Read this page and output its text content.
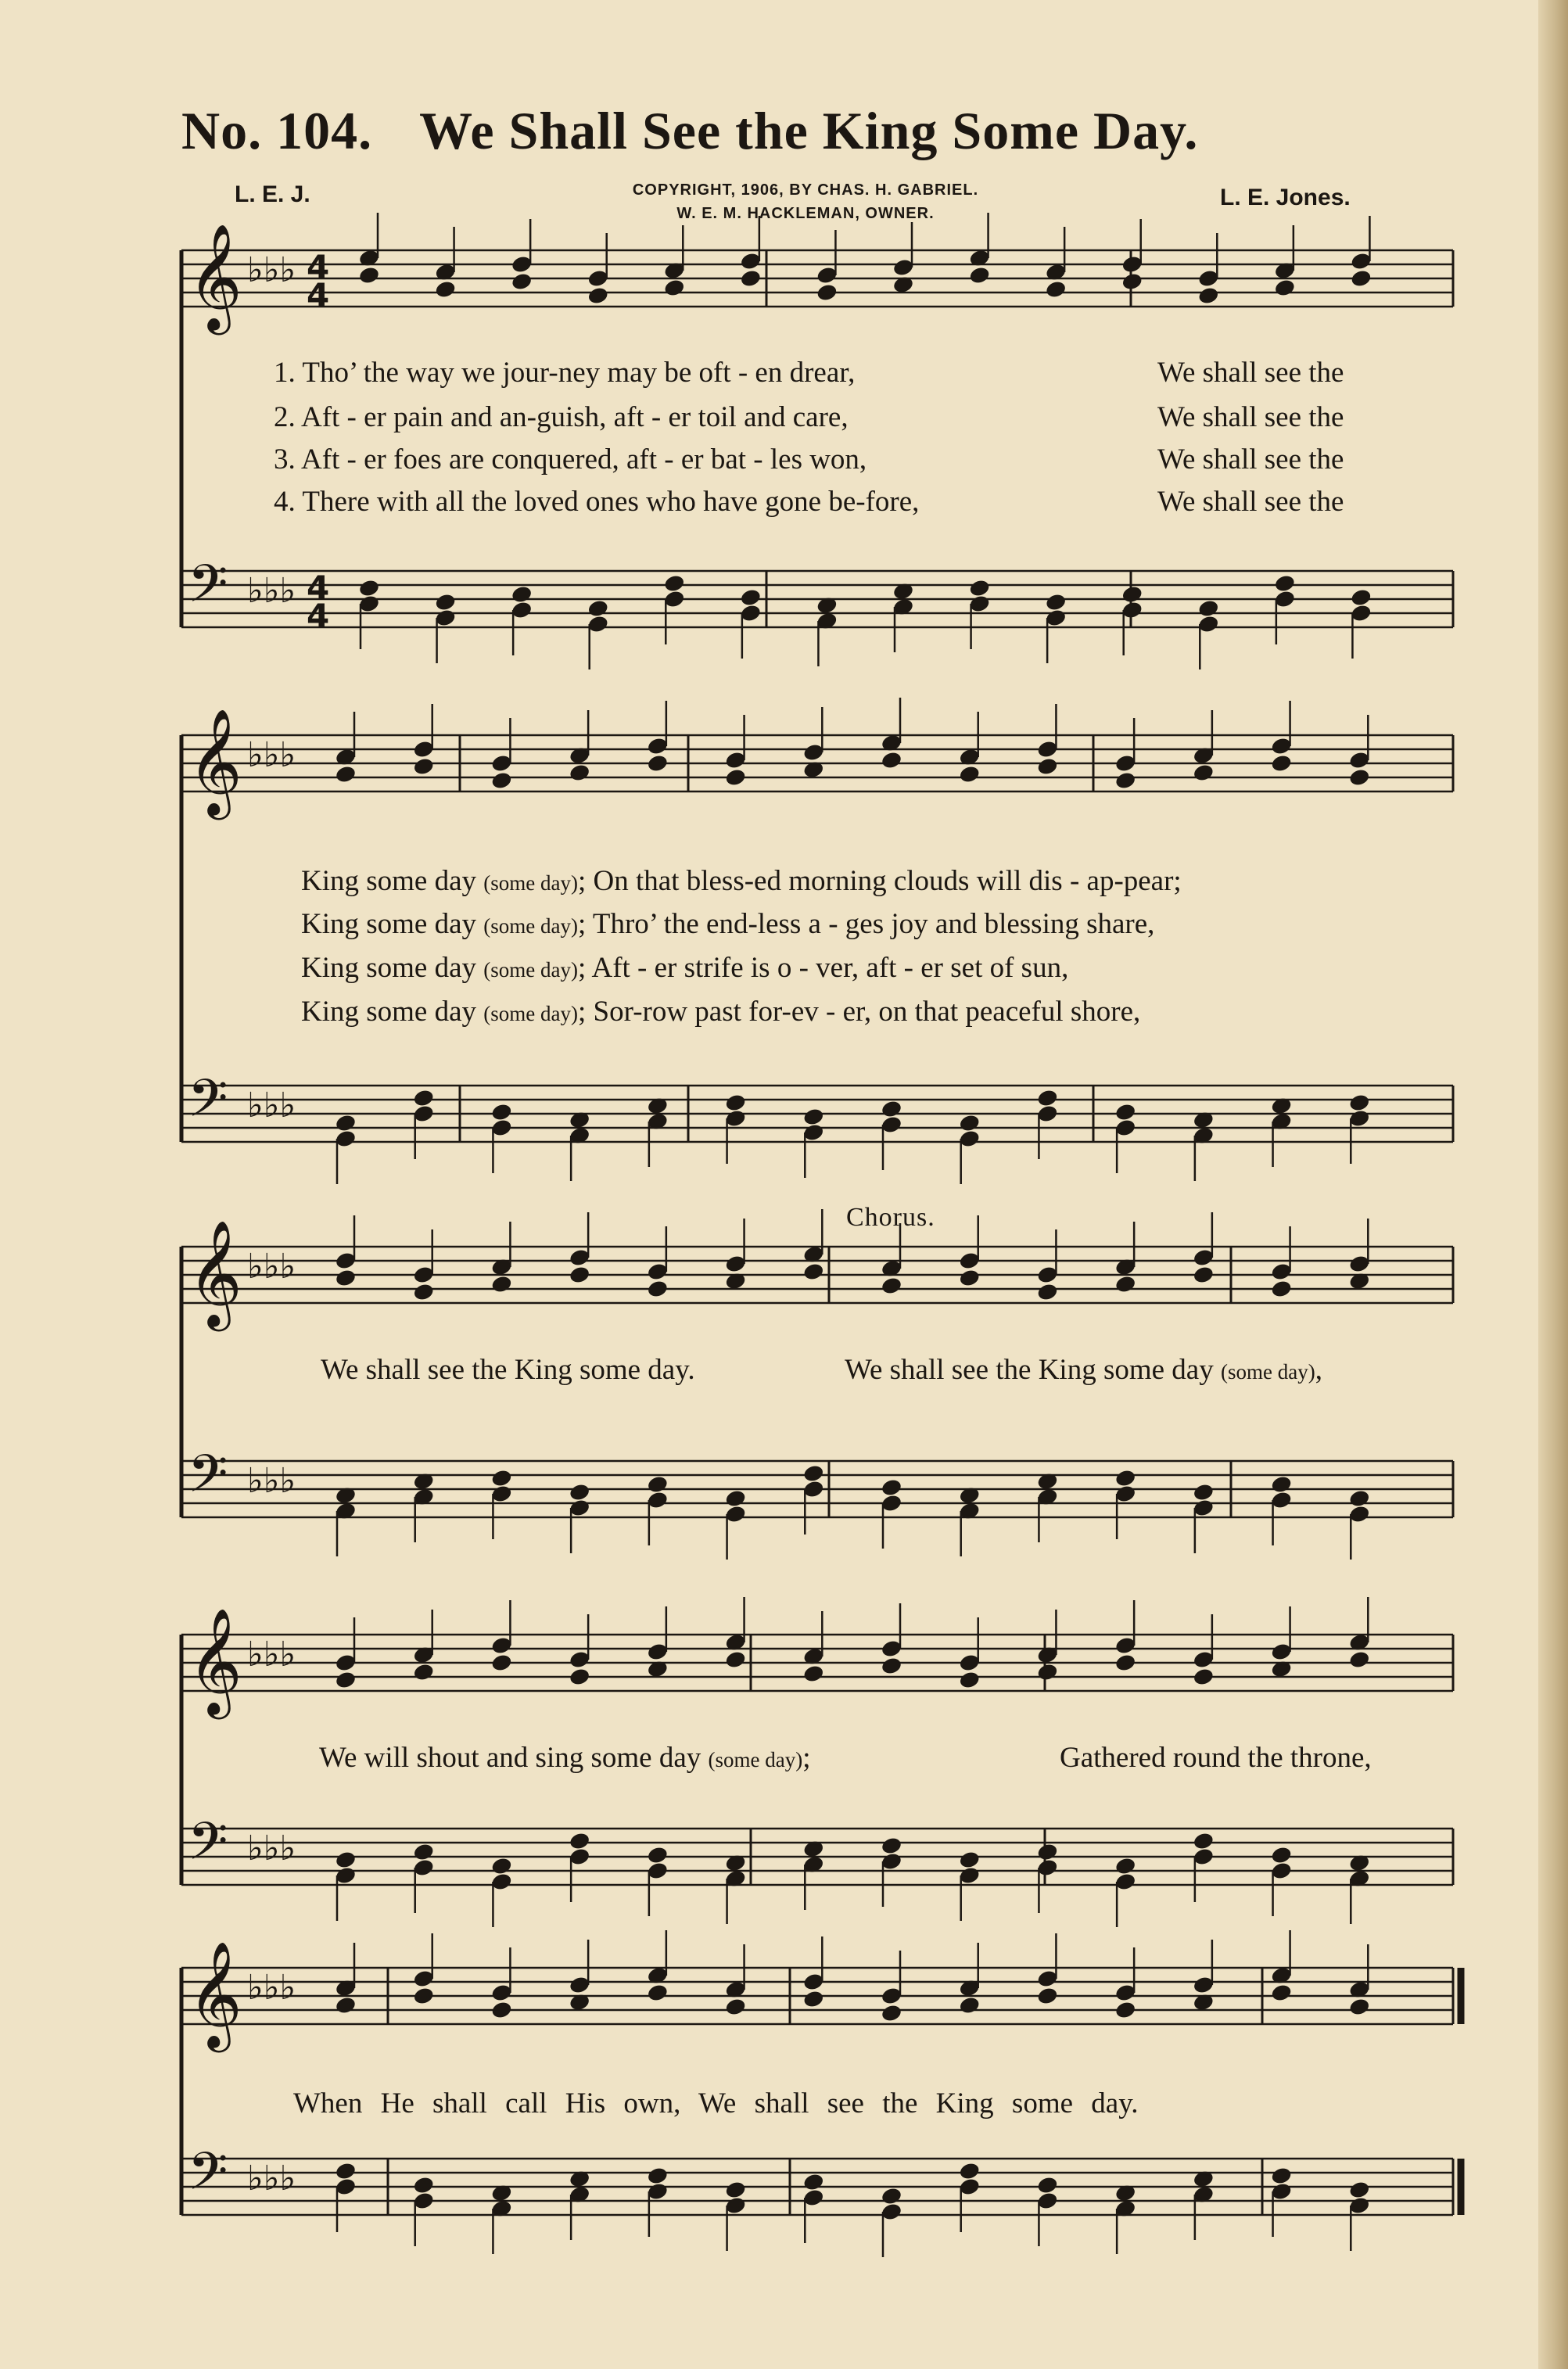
No. 104. We Shall See the King Some Day.
L. E. J.	COPYRIGHT, 1906, BY CHAS. H. GABRIEL.
W. E. M. HACKLEMAN, OWNER.
L. E. Jones.
𝄞 ♭♭♭ 4
4
𝄢 ♭♭♭ 4
4
𝄞 ♭♭♭
𝄢 ♭♭♭
𝄞 ♭♭♭
𝄢 ♭♭♭
𝄞 ♭♭♭
𝄢 ♭♭♭
𝄞 ♭♭♭
𝄢 ♭♭♭
1. Tho’ the way we jour-ney may be oft - en drear,	We shall see the
2. Aft - er pain and an-guish, aft - er toil and care,	We shall see the
3. Aft - er foes are conquered, aft - er bat - les won,	We shall see the
4. There with all the loved ones who have gone be-fore,	We shall see the
King some day (some day); On that bless-ed morning clouds will dis - ap-pear;
King some day (some day); Thro’ the end-less a - ges joy and blessing share,
King some day (some day); Aft - er strife is o - ver, aft - er set of sun,
King some day (some day); Sor-row past for-ev - er, on that peaceful shore,
Chorus.
We shall see the King some day.	We shall see the King some day (some day),
We will shout and sing some day (some day);	Gathered round the throne,
When He shall call His own, We shall see the King some day.
